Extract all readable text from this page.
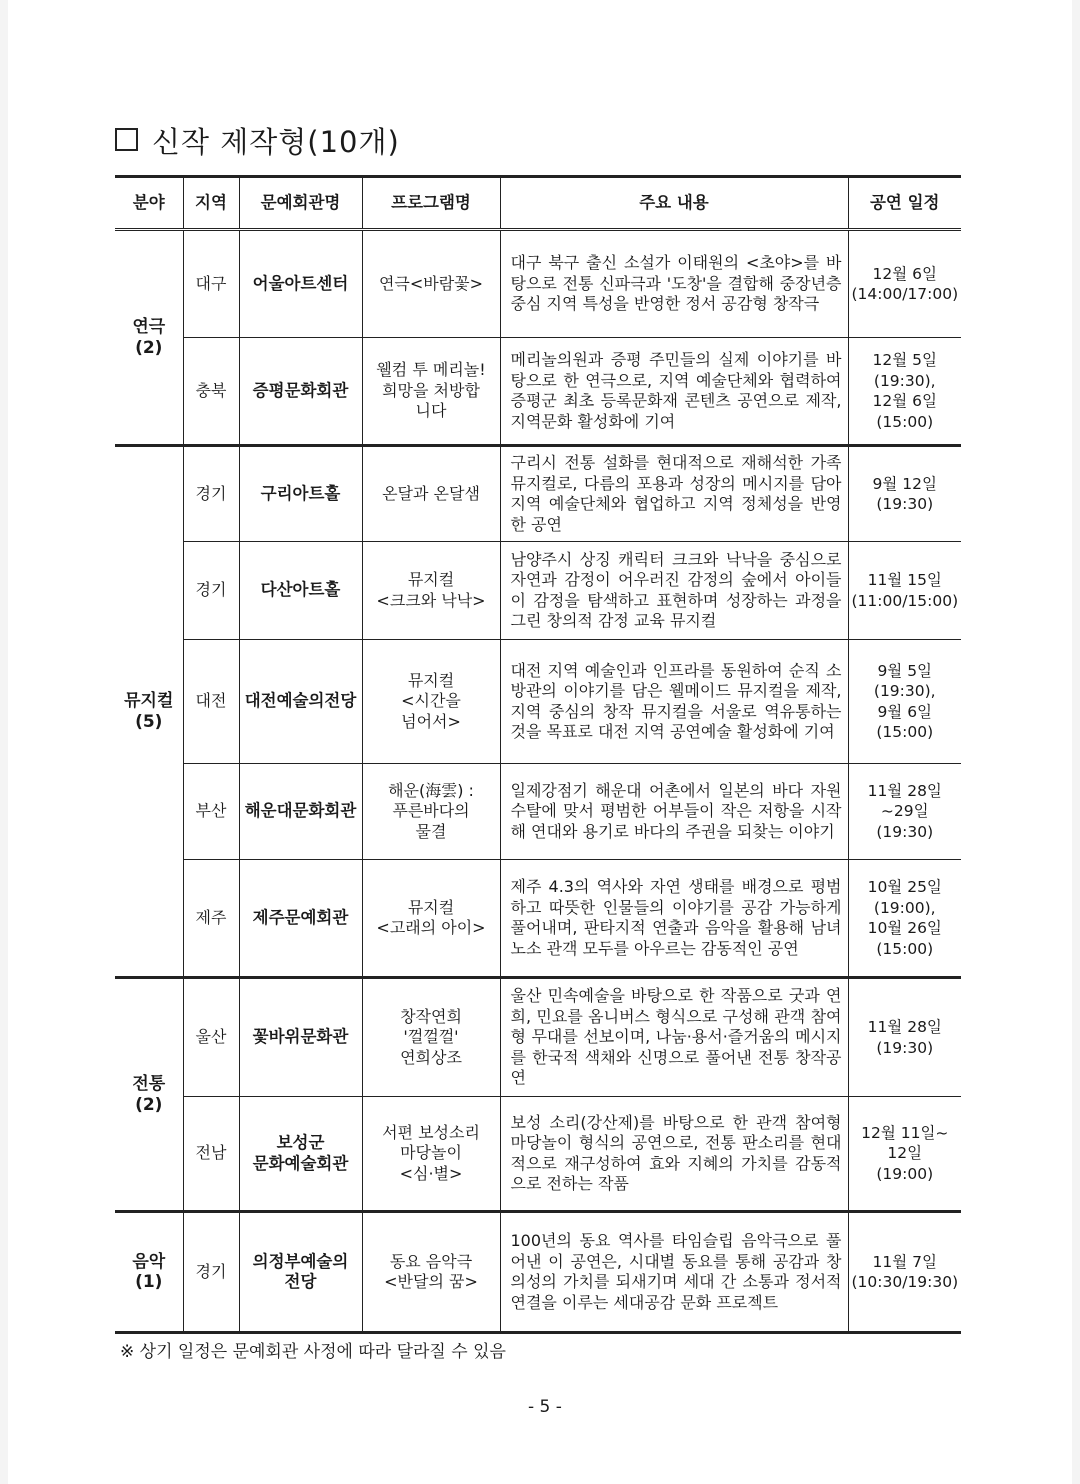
신작 제작형(10개)
분야	지역	문예회관명	프로그램명	주요 내용	공연 일정

연극
(2)	대구	어울아트센터	연극<바람꽃>	대구 북구 출신 소설가 이태원의 <초야>를 바탕으로 전통 신파극과 '도창'을 결합해 중장년층 중심 지역 특성을 반영한 정서 공감형 창작극	12월 6일
(14:00/17:00)

	충북	증평문화회관	웰컴 투 메리놀!
희망을 처방합
니다	메리놀의원과 증평 주민들의 실제 이야기를 바탕으로 한 연극으로, 지역 예술단체와 협력하여 증평군 최초 등록문화재 콘텐츠 공연으로 제작, 지역문화 활성화에 기여	12월 5일
(19:30),
12월 6일
(15:00)

뮤지컬
(5)	경기	구리아트홀	온달과 온달샘	구리시 전통 설화를 현대적으로 재해석한 가족 뮤지컬로, 다름의 포용과 성장의 메시지를 담아 지역 예술단체와 협업하고 지역 정체성을 반영한 공연	9월 12일
(19:30)

	경기	다산아트홀	뮤지컬
<크크와 낙낙>	남양주시 상징 캐릭터 크크와 낙낙을 중심으로 자연과 감정이 어우러진 감정의 숲에서 아이들이 감정을 탐색하고 표현하며 성장하는 과정을 그린 창의적 감정 교육 뮤지컬	11월 15일
(11:00/15:00)

	대전	대전예술의전당	뮤지컬
<시간을
넘어서>	대전 지역 예술인과 인프라를 동원하여 순직 소방관의 이야기를 담은 웰메이드 뮤지컬을 제작, 지역 중심의 창작 뮤지컬을 서울로 역유통하는 것을 목표로 대전 지역 공연예술 활성화에 기여	9월 5일
(19:30),
9월 6일
(15:00)

	부산	해운대문화회관	해운(海雲) :
푸른바다의
물결	일제강점기 해운대 어촌에서 일본의 바다 자원 수탈에 맞서 평범한 어부들이 작은 저항을 시작해 연대와 용기로 바다의 주권을 되찾는 이야기	11월 28일
~29일
(19:30)

	제주	제주문예회관	뮤지컬
<고래의 아이>	제주 4.3의 역사와 자연 생태를 배경으로 평범하고 따뜻한 인물들의 이야기를 공감 가능하게 풀어내며, 판타지적 연출과 음악을 활용해 남녀노소 관객 모두를 아우르는 감동적인 공연	10월 25일
(19:00),
10월 26일
(15:00)

전통
(2)	울산	꽃바위문화관	창작연희
'껄껄껄'
연희상조	울산 민속예술을 바탕으로 한 작품으로 굿과 연희, 민요를 옴니버스 형식으로 구성해 관객 참여형 무대를 선보이며, 나눔·용서·즐거움의 메시지를 한국적 색채와 신명으로 풀어낸 전통 창작공연	11월 28일
(19:30)

	전남	보성군
문화예술회관	서편 보성소리
마당놀이
<심·별>	보성 소리(강산제)를 바탕으로 한 관객 참여형 마당놀이 형식의 공연으로, 전통 판소리를 현대적으로 재구성하여 효와 지혜의 가치를 감동적으로 전하는 작품	12월 11일~
12일
(19:00)

음악
(1)	경기	의정부예술의
전당	동요 음악극
<반달의 꿈>	100년의 동요 역사를 타임슬립 음악극으로 풀어낸 이 공연은, 시대별 동요를 통해 공감과 창의성의 가치를 되새기며 세대 간 소통과 정서적 연결을 이루는 세대공감 문화 프로젝트	11월 7일
(10:30/19:30)
※ 상기 일정은 문예회관 사정에 따라 달라질 수 있음
- 5 -
